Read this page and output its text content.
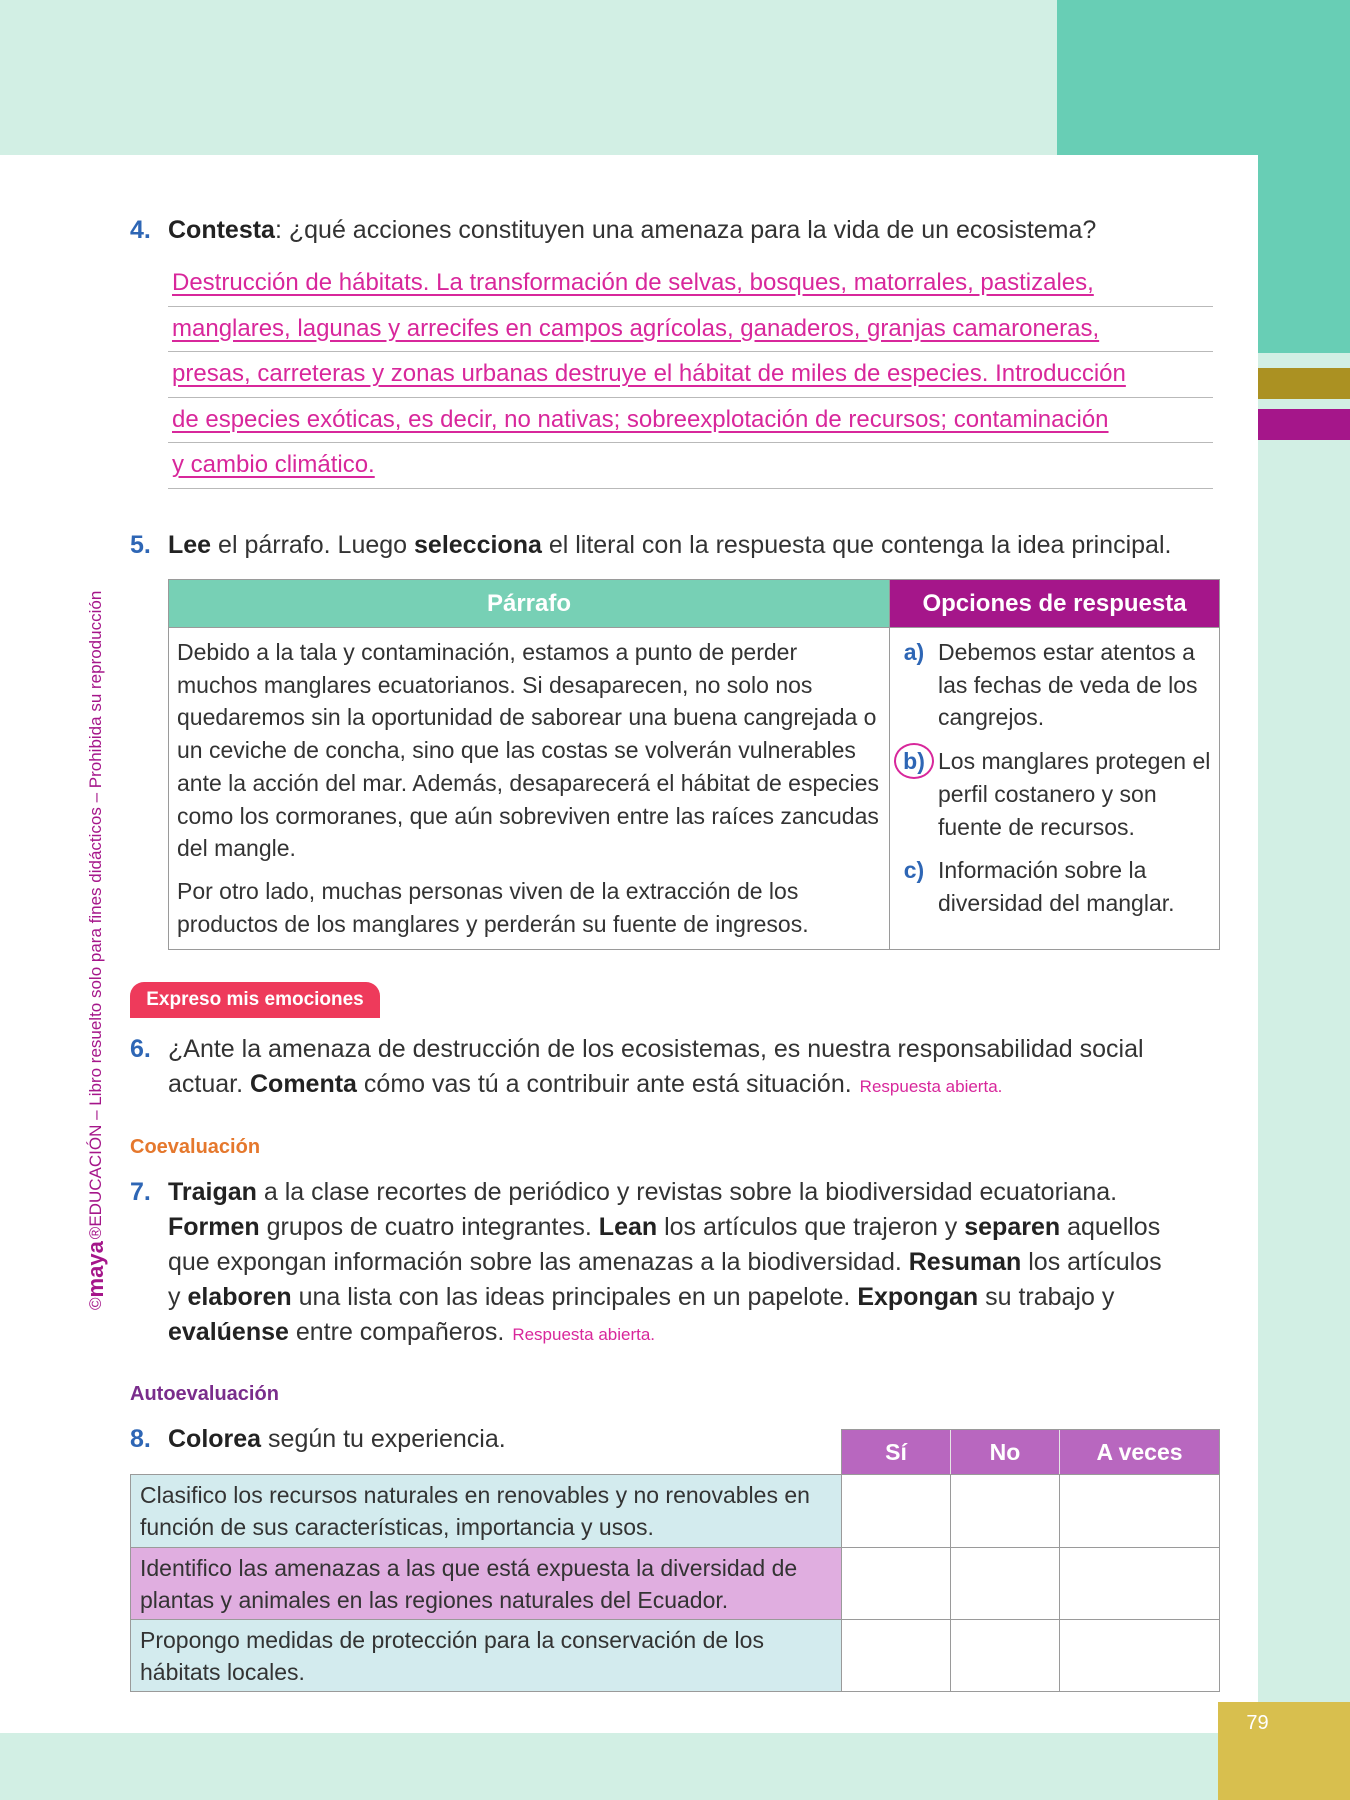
79
©
maya
®
EDUCACIÓN – Libro resuelto solo para fines didácticos – Prohibida su reproducción
4. Contesta: ¿qué acciones constituyen una amenaza para la vida de un ecosistema?
Destrucción de hábitats. La transformación de selvas, bosques, matorrales, pastizales,
manglares, lagunas y arrecifes en campos agrícolas, ganaderos, granjas camaroneras,
presas, carreteras y zonas urbanas destruye el hábitat de miles de especies. Introducción
de especies exóticas, es decir, no nativas; sobreexplotación de recursos; contaminación
y cambio climático.
5. Lee el párrafo. Luego selecciona el literal con la respuesta que contenga la idea principal.
Párrafo	Opciones de respuesta

Debido a la tala y contaminación, estamos a punto de perder muchos manglares ecuatorianos. Si desaparecen, no solo nos quedaremos sin la oportunidad de saborear una buena cangrejada o un ceviche de concha, sino que las costas se volverán vulnerables ante la acción del mar. Además, desaparecerá el hábitat de especies como los cormoranes, que aún sobreviven entre las raíces zancudas del mangle.

Por otro lado, muchas personas viven de la extracción de los productos de los manglares y perderán su fuente de ingresos.

a) Debemos estar atentos a las fechas de veda de los cangrejos.
b) Los manglares protegen el perfil costanero y son fuente de recursos.
c) Información sobre la diversidad del manglar.
Expreso mis emociones
6. ¿Ante la amenaza de destrucción de los ecosistemas, es nuestra responsabilidad social
actuar. Comenta cómo vas tú a contribuir ante está situación. Respuesta abierta.
Coevaluación
7. Traigan a la clase recortes de periódico y revistas sobre la biodiversidad ecuatoriana.
Formen grupos de cuatro integrantes. Lean los artículos que trajeron y separen aquellos
que expongan información sobre las amenazas a la biodiversidad. Resuman los artículos
y elaboren una lista con las ideas principales en un papelote. Expongan su trabajo y
evalúense entre compañeros. Respuesta abierta.
Autoevaluación
8. Colorea según tu experiencia.	Sí	No	A veces
Clasifico los recursos naturales en renovables y no renovables en función de sus características, importancia y usos.
Identifico las amenazas a las que está expuesta la diversidad de plantas y animales en las regiones naturales del Ecuador.
Propongo medidas de protección para la conservación de los hábitats locales.
